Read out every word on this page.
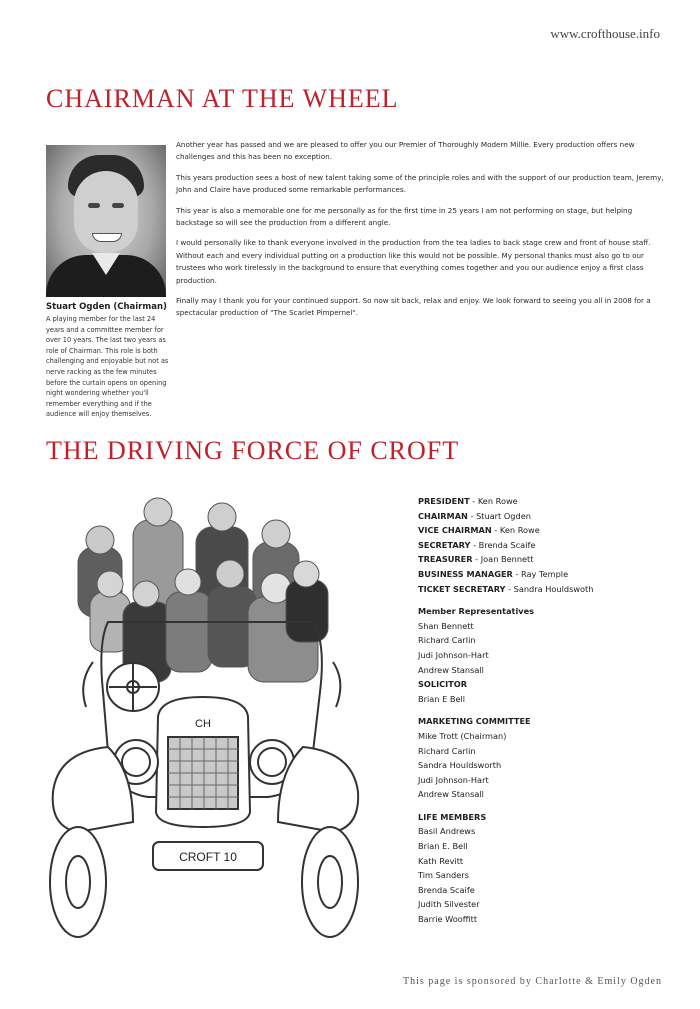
www.crofthouse.info
CHAIRMAN AT THE WHEEL
Stuart Ogden (Chairman)
A playing member for the last 24 years and a committee member for over 10 years. The last two years as role of Chairman. This role is both challenging and enjoyable but not as nerve racking as the few minutes before the curtain opens on opening night wondering whether you'll remember everything and if the audience will enjoy themselves.

Another year has passed and we are pleased to offer you our Premier of Thoroughly Modern Millie. Every production offers new challenges and this has been no exception.

This years production sees a host of new talent taking some of the principle roles and with the support of our production team, Jeremy, John and Claire have produced some remarkable performances.

This year is also a memorable one for me personally as for the first time in 25 years I am not performing on stage, but helping backstage so will see the production from a different angle.

I would personally like to thank everyone involved in the production from the tea ladies to back stage crew and front of house staff. Without each and every individual putting on a production like this would not be possible. My personal thanks must also go to our trustees who work tirelessly in the background to ensure that everything comes together and you our audience enjoy a first class production.

Finally may I thank you for your continued support. So now sit back, relax and enjoy. We look forward to seeing you all in 2008 for a spectacular production of "The Scarlet Pimpernel".

THE DRIVING FORCE OF CROFT
CH
CROFT 10
PRESIDENT - Ken Rowe
CHAIRMAN - Stuart Ogden
VICE CHAIRMAN - Ken Rowe
SECRETARY - Brenda Scaife
TREASURER - Joan Bennett
BUSINESS MANAGER - Ray Temple
TICKET SECRETARY - Sandra Houldswoth
Member Representatives
Shan Bennett
Richard Carlin
Judi Johnson-Hart
Andrew Stansall
SOLICITOR
Brian E Bell
MARKETING COMMITTEE
Mike Trott (Chairman)
Richard Carlin
Sandra Houldsworth
Judi Johnson-Hart
Andrew Stansall
LIFE MEMBERS
Basil Andrews
Brian E. Bell
Kath Revitt
Tim Sanders
Brenda Scaife
Judith Silvester
Barrie Wooffitt
This page is sponsored by Charlotte & Emily Ogden
